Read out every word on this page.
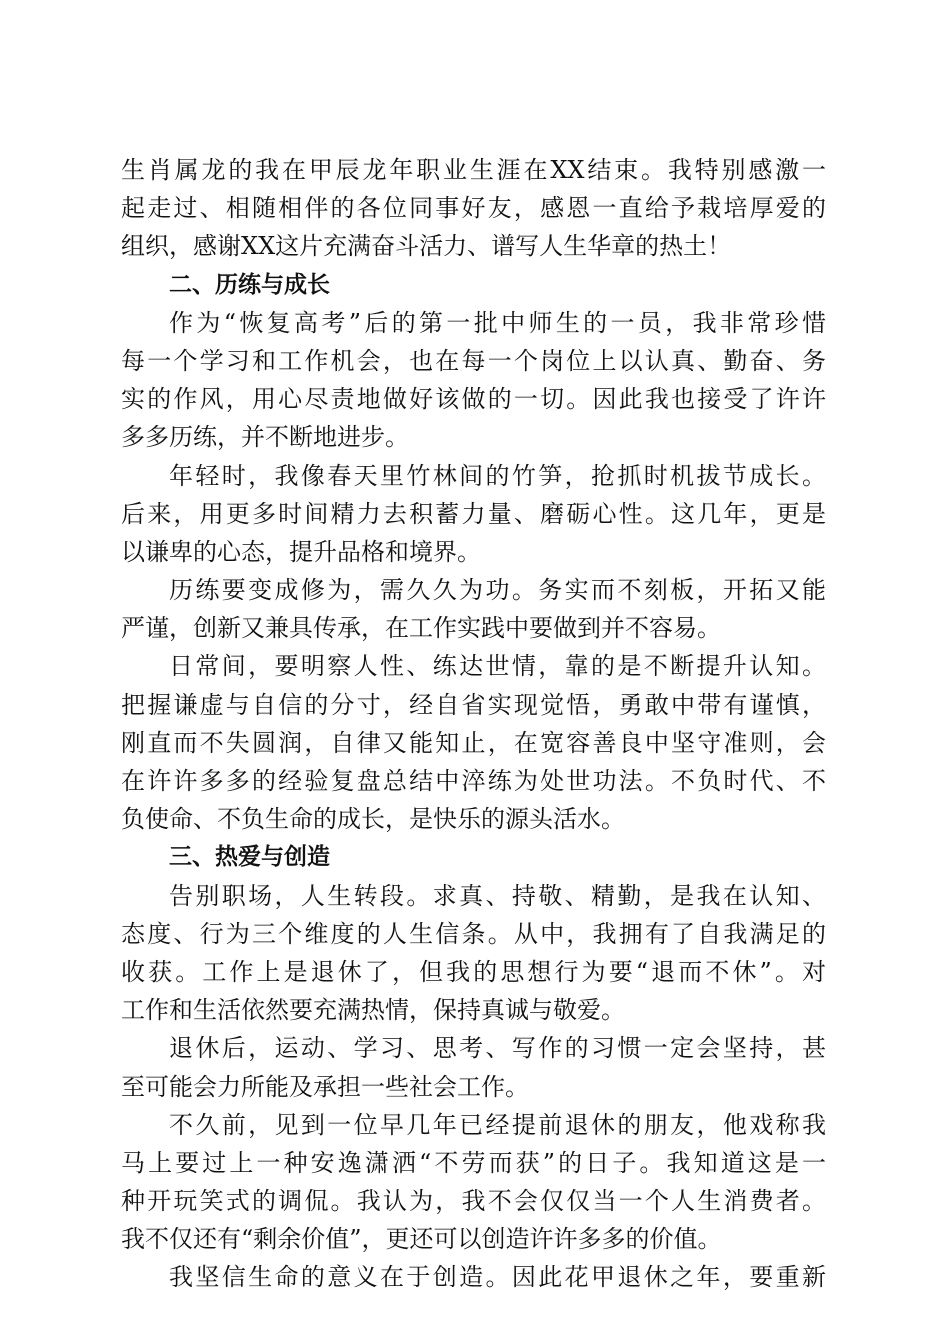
生肖属龙的我在甲辰龙年职业生涯在XX结束。我特别感激一
起走过、相随相伴的各位同事好友，感恩一直给予栽培厚爱的
组织，感谢XX这片充满奋斗活力、谱写人生华章的热土！
二、历练与成长
作为“恢复高考”后的第一批中师生的一员，我非常珍惜
每一个学习和工作机会，也在每一个岗位上以认真、勤奋、务
实的作风，用心尽责地做好该做的一切。因此我也接受了许许
多多历练，并不断地进步。
年轻时，我像春天里竹林间的竹笋，抢抓时机拔节成长。
后来，用更多时间精力去积蓄力量、磨砺心性。这几年，更是
以谦卑的心态，提升品格和境界。
历练要变成修为，需久久为功。务实而不刻板，开拓又能
严谨，创新又兼具传承，在工作实践中要做到并不容易。
日常间，要明察人性、练达世情，靠的是不断提升认知。
把握谦虚与自信的分寸，经自省实现觉悟，勇敢中带有谨慎，
刚直而不失圆润，自律又能知止，在宽容善良中坚守准则，会
在许许多多的经验复盘总结中淬练为处世功法。不负时代、不
负使命、不负生命的成长，是快乐的源头活水。
三、热爱与创造
告别职场，人生转段。求真、持敬、精勤，是我在认知、
态度、行为三个维度的人生信条。从中，我拥有了自我满足的
收获。工作上是退休了，但我的思想行为要“退而不休”。对
工作和生活依然要充满热情，保持真诚与敬爱。
退休后，运动、学习、思考、写作的习惯一定会坚持，甚
至可能会力所能及承担一些社会工作。
不久前，见到一位早几年已经提前退休的朋友，他戏称我
马上要过上一种安逸潇洒“不劳而获”的日子。我知道这是一
种开玩笑式的调侃。我认为，我不会仅仅当一个人生消费者。
我不仅还有“剩余价值”，更还可以创造许许多多的价值。
我坚信生命的意义在于创造。因此花甲退休之年，要重新
